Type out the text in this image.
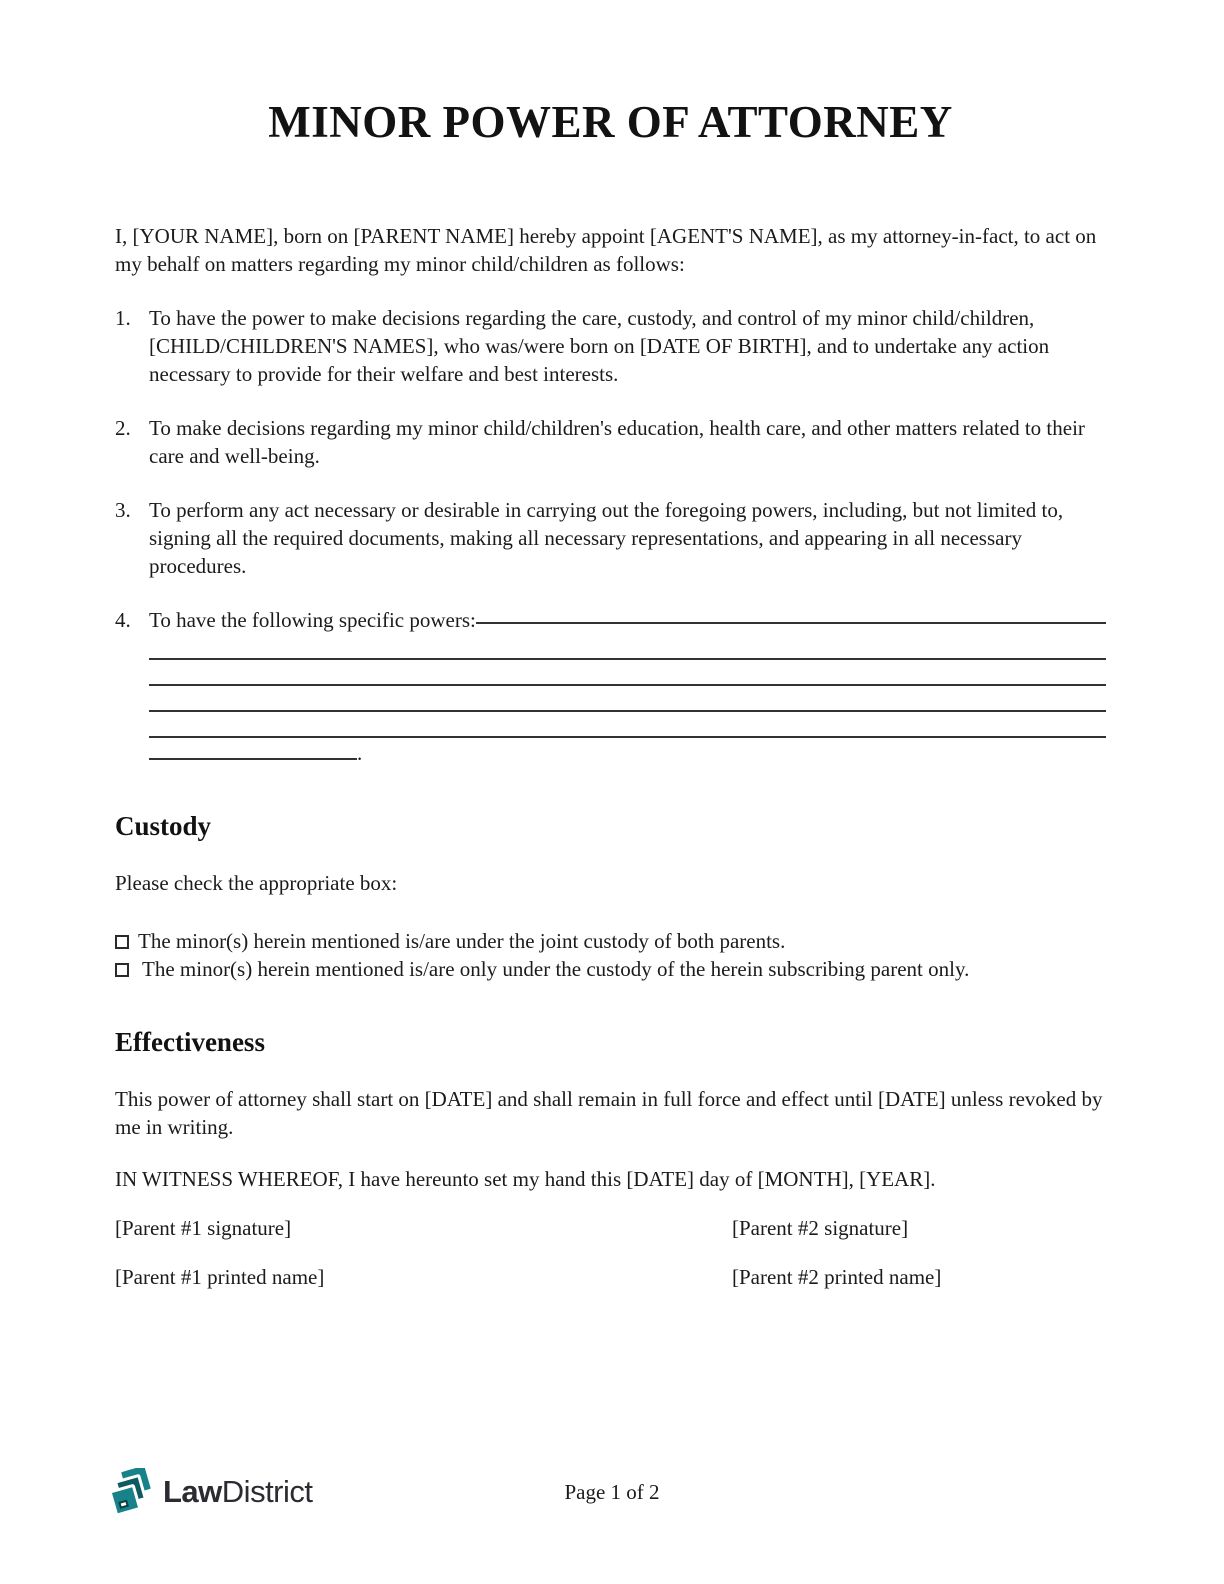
MINOR POWER OF ATTORNEY

I, [YOUR NAME], born on [PARENT NAME] hereby appoint [AGENT'S NAME], as my attorney-in-fact, to act on my behalf on matters regarding my minor child/children as follows:

1. To have the power to make decisions regarding the care, custody, and control of my minor child/children, [CHILD/CHILDREN'S NAMES], who was/were born on [DATE OF BIRTH], and to undertake any action necessary to provide for their welfare and best interests.
2. To make decisions regarding my minor child/children's education, health care, and other matters related to their care and well-being.
3. To perform any act necessary or desirable in carrying out the foregoing powers, including, but not limited to, signing all the required documents, making all necessary representations, and appearing in all necessary procedures.
4. To have the following specific powers:
.
Custody

Please check the appropriate box:

The minor(s) herein mentioned is/are under the joint custody of both parents.
The minor(s) herein mentioned is/are only under the custody of the herein subscribing parent only.
Effectiveness

This power of attorney shall start on [DATE] and shall remain in full force and effect until [DATE] unless revoked by me in writing.

IN WITNESS WHEREOF, I have hereunto set my hand this [DATE] day of [MONTH], [YEAR].

[Parent #1 signature]	[Parent #2 signature]
[Parent #1 printed name]	[Parent #2 printed name]
LawDistrict	Page 1 of 2
